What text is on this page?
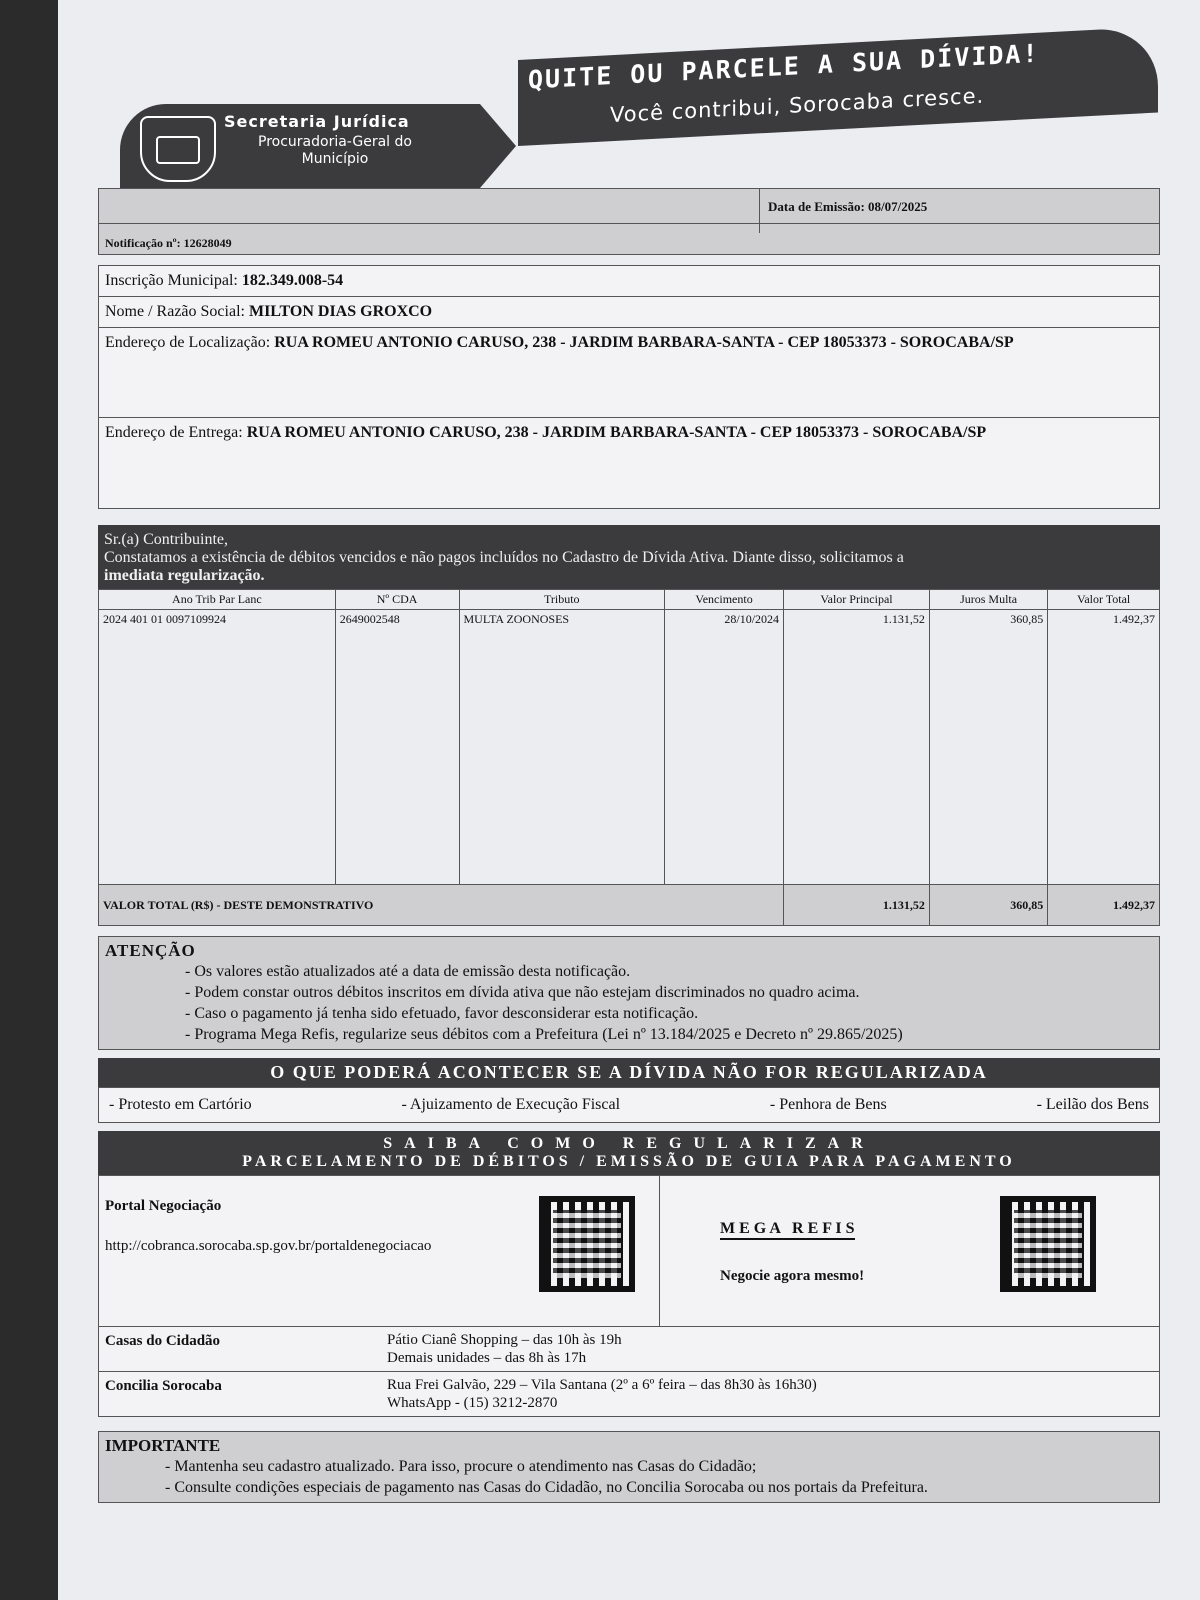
Secretaria Jurídica
Procuradoria-Geral do Município
QUITE OU PARCELE A SUA DÍVIDA!
Você contribui, Sorocaba cresce.
Data de Emissão: 08/07/2025
Notificação nº: 12628049
Inscrição Municipal: 182.349.008-54
Nome / Razão Social: MILTON DIAS GROXCO
Endereço de Localização: RUA ROMEU ANTONIO CARUSO, 238 - JARDIM BARBARA-SANTA - CEP 18053373 - SOROCABA/SP
Endereço de Entrega: RUA ROMEU ANTONIO CARUSO, 238 - JARDIM BARBARA-SANTA - CEP 18053373 - SOROCABA/SP
Sr.(a) Contribuinte,
Constatamos a existência de débitos vencidos e não pagos incluídos no Cadastro de Dívida Ativa. Diante disso, solicitamos a
imediata regularização.
Ano Trib Par Lanc	Nº CDA	Tributo	Vencimento	Valor Principal	Juros Multa	Valor Total
2024 401 01 0097109924	2649002548	MULTA ZOONOSES	28/10/2024	1.131,52	360,85	1.492,37
VALOR TOTAL (R$) - DESTE DEMONSTRATIVO				1.131,52	360,85	1.492,37
ATENÇÃO
- Os valores estão atualizados até a data de emissão desta notificação.
- Podem constar outros débitos inscritos em dívida ativa que não estejam discriminados no quadro acima.
- Caso o pagamento já tenha sido efetuado, favor desconsiderar esta notificação.
- Programa Mega Refis, regularize seus débitos com a Prefeitura (Lei nº 13.184/2025 e Decreto nº 29.865/2025)
O QUE PODERÁ ACONTECER SE A DÍVIDA NÃO FOR REGULARIZADA
- Protesto em Cartório	- Ajuizamento de Execução Fiscal	- Penhora de Bens	- Leilão dos Bens
SAIBA COMO REGULARIZAR
PARCELAMENTO DE DÉBITOS / EMISSÃO DE GUIA PARA PAGAMENTO
Portal Negociação
http://cobranca.sorocaba.sp.gov.br/portaldenegociacao
M E G A   R E F I S
Negocie agora mesmo!
Casas do Cidadão	Pátio Cianê Shopping – das 10h às 19h
Demais unidades – das 8h às 17h
Concilia Sorocaba	Rua Frei Galvão, 229 – Vila Santana (2º a 6º feira – das 8h30 às 16h30)
WhatsApp - (15) 3212-2870
IMPORTANTE
- Mantenha seu cadastro atualizado. Para isso, procure o atendimento nas Casas do Cidadão;
- Consulte condições especiais de pagamento nas Casas do Cidadão, no Concilia Sorocaba ou nos portais da Prefeitura.
